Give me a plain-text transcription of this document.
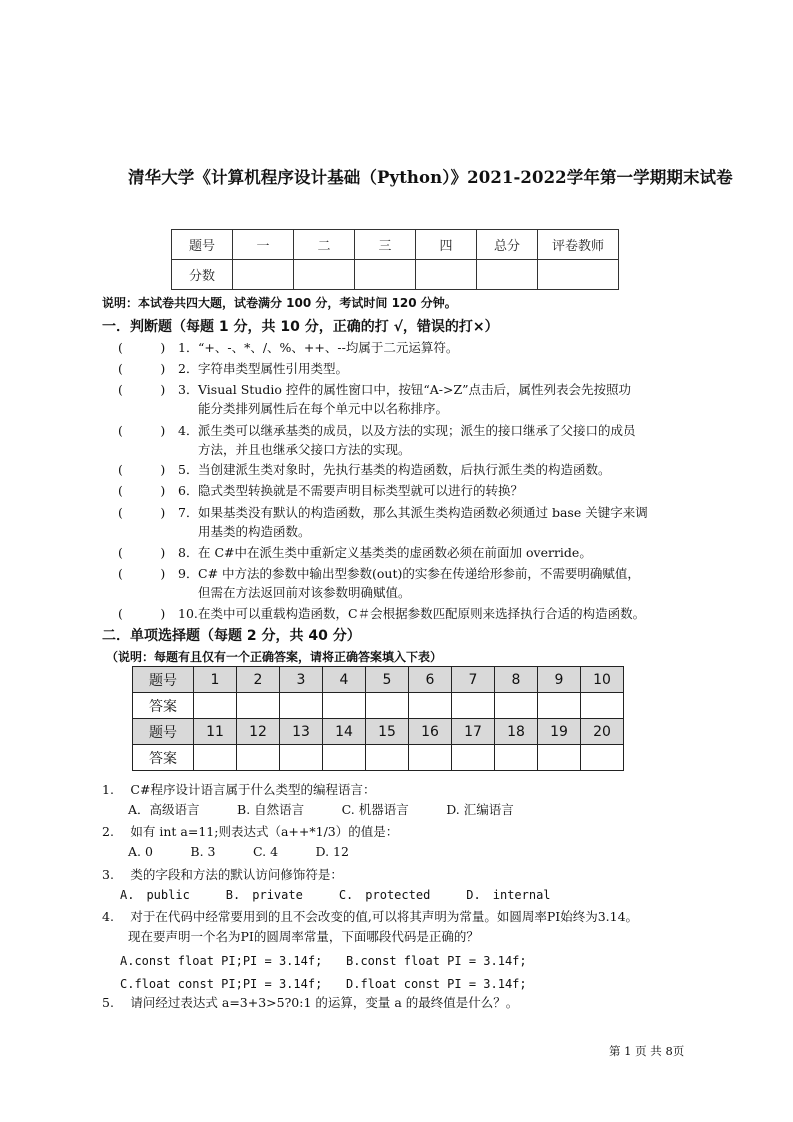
清华大学《计算机程序设计基础（Python）》2021-2022学年第一学期期末试卷
题号	一	二	三	四	总分	评卷教师
分数						
说明：本试卷共四大题，试卷满分 100 分，考试时间 120 分钟。
一．判断题（每题 1 分，共 10 分，正确的打 √，错误的打×）
(　　　) 1．“+、-、*、/、%、++、--均属于二元运算符。
(　　　) 2．字符串类型属性引用类型。
(　　　) 3．Visual Studio 控件的属性窗口中，按钮“A->Z”点击后，属性列表会先按照功
能分类排列属性后在每个单元中以名称排序。
(　　　) 4．派生类可以继承基类的成员，以及方法的实现；派生的接口继承了父接口的成员
方法，并且也继承父接口方法的实现。
(　　　) 5．当创建派生类对象时，先执行基类的构造函数，后执行派生类的构造函数。
(　　　) 6．隐式类型转换就是不需要声明目标类型就可以进行的转换？
(　　　) 7．如果基类没有默认的构造函数，那么其派生类构造函数必须通过 base 关键字来调
用基类的构造函数。
(　　　) 8．在 C#中在派生类中重新定义基类类的虚函数必须在前面加 override。
(　　　) 9．C# 中方法的参数中输出型参数(out)的实参在传递给形参前，不需要明确赋值，
但需在方法返回前对该参数明确赋值。
(　　　) 10.在类中可以重载构造函数，C＃会根据参数匹配原则来选择执行合适的构造函数。
二．单项选择题（每题 2 分，共 40 分）
（说明：每题有且仅有一个正确答案，请将正确答案填入下表）
题号	1	2	3	4	5	6	7	8	9	10
答案										
题号	11	12	13	14	15	16	17	18	19	20
答案										
1.　 C#程序设计语言属于什么类型的编程语言：
A．高级语言　　　B. 自然语言　　　C. 机器语言　　　D. 汇编语言
2.　 如有 int a=11;则表达式（a++*1/3）的值是：
A. 0　　　B. 3　　　C. 4　　　D. 12
3.　 类的字段和方法的默认访问修饰符是：
A.　public　　　B.　private　　　C.　protected　　　D.　internal
4.　 对于在代码中经常要用到的且不会改变的值,可以将其声明为常量。如圆周率PI始终为3.14。
现在要声明一个名为PI的圆周率常量，下面哪段代码是正确的？
A.const float PI;PI = 3.14f; B.const float PI = 3.14f;
C.float const PI;PI = 3.14f; D.float const PI = 3.14f;
5.　 请问经过表达式 a=3+3>5?0:1 的运算，变量 a 的最终值是什么？。
第 1 页 共 8页
